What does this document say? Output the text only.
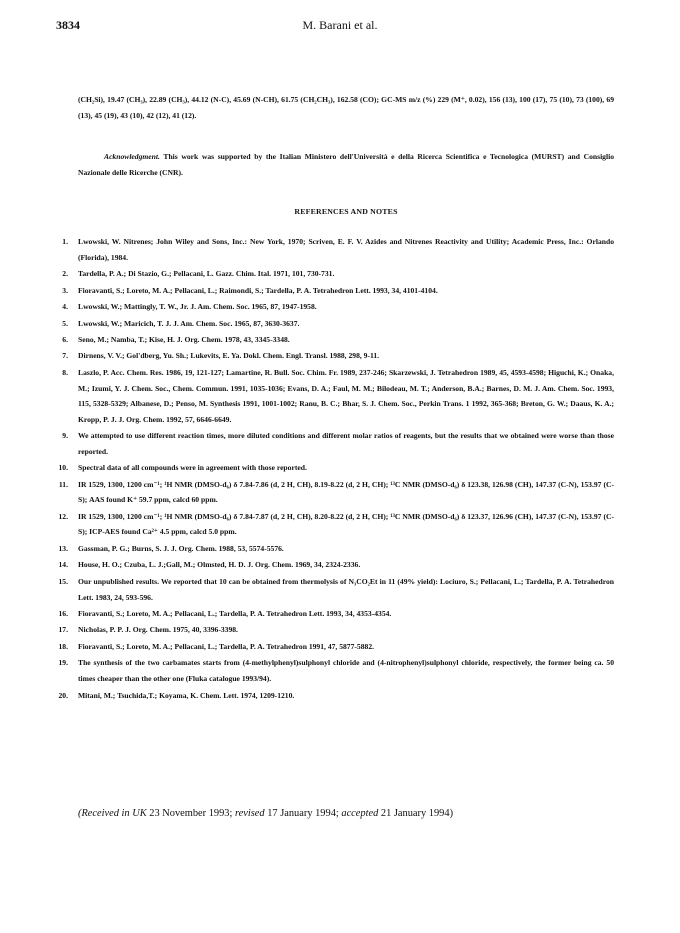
3834	M. Barani et al.

(CH₂Si), 19.47 (CH₃), 22.89 (CH₃), 44.12 (N-C), 45.69 (N-CH), 61.75 (CH₂CH₃), 162.58 (CO); GC-MS m/z (%) 229 (M⁺, 0.02), 156 (13), 100 (17), 75 (10), 73 (100), 69 (13), 45 (19), 43 (10), 42 (12), 41 (12).

Acknowledgment. This work was supported by the Italian Ministero dell'Università e della Ricerca Scientifica e Tecnologica (MURST) and Consiglio Nazionale delle Ricerche (CNR).

REFERENCES AND NOTES
1. Lwowski, W. Nitrenes; John Wiley and Sons, Inc.: New York, 1970; Scriven, E. F. V. Azides and Nitrenes Reactivity and Utility; Academic Press, Inc.: Orlando (Florida), 1984.
2. Tardella, P. A.; Di Stazio, G.; Pellacani, L. Gazz. Chim. Ital. 1971, 101, 730-731.
3. Fioravanti, S.; Loreto, M. A.; Pellacani, L.; Raimondi, S.; Tardella, P. A. Tetrahedron Lett. 1993, 34, 4101-4104.
4. Lwowski, W.; Mattingly, T. W., Jr. J. Am. Chem. Soc. 1965, 87, 1947-1958.
5. Lwowski, W.; Maricich, T. J. J. Am. Chem. Soc. 1965, 87, 3630-3637.
6. Seno, M.; Namba, T.; Kise, H. J. Org. Chem. 1978, 43, 3345-3348.
7. Dirnens, V. V.; Gol'dberg, Yu. Sh.; Lukevits, E. Ya. Dokl. Chem. Engl. Transl. 1988, 298, 9-11.
8. Laszlo, P. Acc. Chem. Res. 1986, 19, 121-127; Lamartine, R. Bull. Soc. Chim. Fr. 1989, 237-246; Skarzewski, J. Tetrahedron 1989, 45, 4593-4598; Higuchi, K.; Onaka, M.; Izumi, Y. J. Chem. Soc., Chem. Commun. 1991, 1035-1036; Evans, D. A.; Faul, M. M.; Bilodeau, M. T.; Anderson, B.A.; Barnes, D. M. J. Am. Chem. Soc. 1993, 115, 5328-5329; Albanese, D.; Penso, M. Synthesis 1991, 1001-1002; Ranu, B. C.; Bhar, S. J. Chem. Soc., Perkin Trans. 1 1992, 365-368; Breton, G. W.; Daaus, K. A.; Kropp, P. J. J. Org. Chem. 1992, 57, 6646-6649.
9. We attempted to use different reaction times, more diluted conditions and different molar ratios of reagents, but the results that we obtained were worse than those reported.
10. Spectral data of all compounds were in agreement with those reported.
11. IR 1529, 1300, 1200 cm⁻¹; ¹H NMR (DMSO-d₆) δ 7.84-7.86 (d, 2 H, CH), 8.19-8.22 (d, 2 H, CH); ¹³C NMR (DMSO-d₆) δ 123.38, 126.98 (CH), 147.37 (C-N), 153.97 (C-S); AAS found K⁺ 59.7 ppm, calcd 60 ppm.
12. IR 1529, 1300, 1200 cm⁻¹; ¹H NMR (DMSO-d₆) δ 7.84-7.87 (d, 2 H, CH), 8.20-8.22 (d, 2 H, CH); ¹³C NMR (DMSO-d₆) δ 123.37, 126.96 (CH), 147.37 (C-N), 153.97 (C-S); ICP-AES found Ca²⁺ 4.5 ppm, calcd 5.0 ppm.
13. Gassman, P. G.; Burns, S. J. J. Org. Chem. 1988, 53, 5574-5576.
14. House, H. O.; Czuba, L. J.;Gall, M.; Olmsted, H. D. J. Org. Chem. 1969, 34, 2324-2336.
15. Our unpublished results. We reported that 10 can be obtained from thermolysis of N₃CO₂Et in 11 (49% yield): Lociuro, S.; Pellacani, L.; Tardella, P. A. Tetrahedron Lett. 1983, 24, 593-596.
16. Fioravanti, S.; Loreto, M. A.; Pellacani, L.; Tardella, P. A. Tetrahedron Lett. 1993, 34, 4353-4354.
17. Nicholas, P. P. J. Org. Chem. 1975, 40, 3396-3398.
18. Fioravanti, S.; Loreto, M. A.; Pellacani, L.; Tardella, P. A. Tetrahedron 1991, 47, 5877-5882.
19. The synthesis of the two carbamates starts from (4-methylphenyl)sulphonyl chloride and (4-nitrophenyl)sulphonyl chloride, respectively, the former being ca. 50 times cheaper than the other one (Fluka catalogue 1993/94).
20. Mitani, M.; Tsuchida,T.; Koyama, K. Chem. Lett. 1974, 1209-1210.
(Received in UK 23 November 1993; revised 17 January 1994; accepted 21 January 1994)
